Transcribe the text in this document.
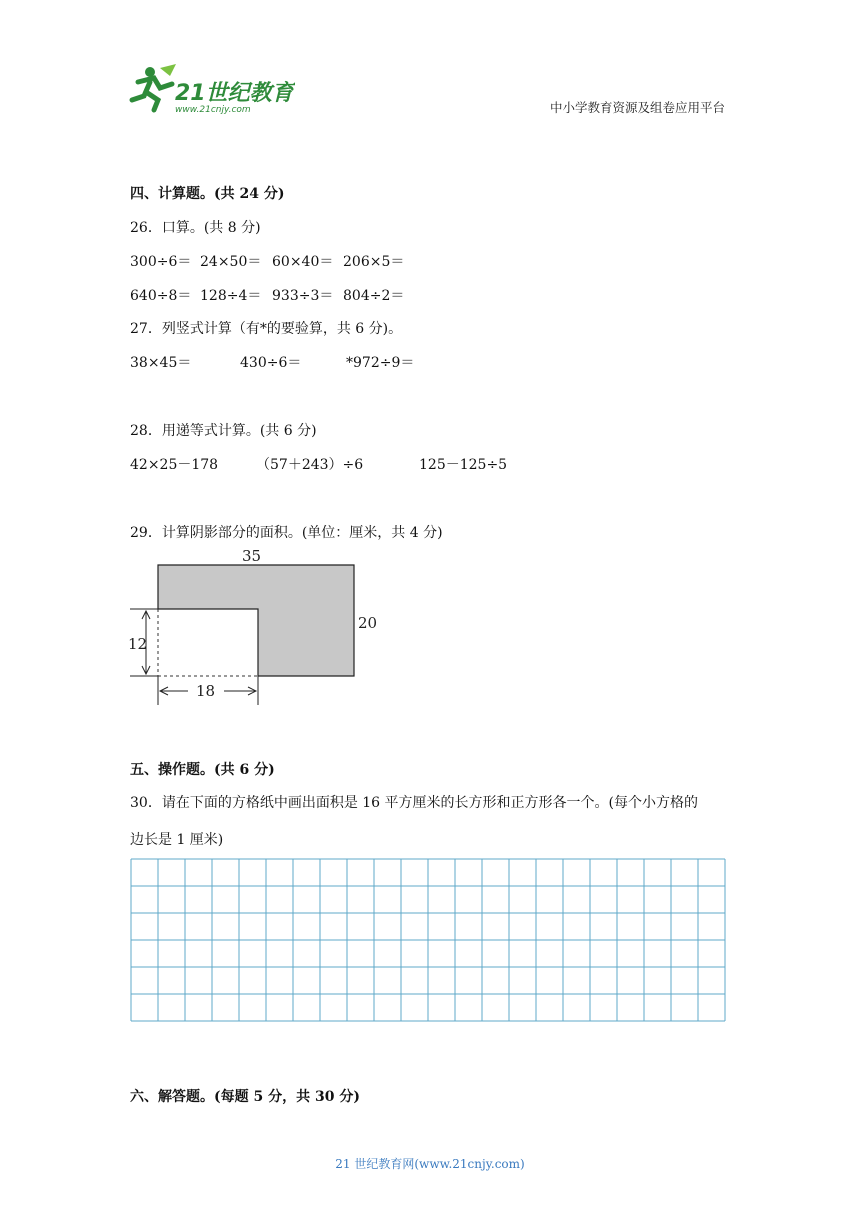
21世纪教育
www.21cnjy.com	中小学教育资源及组卷应用平台
四、计算题。(共 24 分)
26．口算。(共 8 分)
300÷6＝ 24×50＝ 60×40＝ 206×5＝
640÷8＝ 128÷4＝ 933÷3＝ 804÷2＝
27．列竖式计算（有*的要验算，共 6 分)。
38×45＝	430÷6＝	*972÷9＝
28．用递等式计算。(共 6 分)
42×25－178	（57＋243）÷6	125－125÷5
29．计算阴影部分的面积。(单位：厘米，共 4 分)
35
20
12
18
五、操作题。(共 6 分)
30．请在下面的方格纸中画出面积是 16 平方厘米的长方形和正方形各一个。(每个小方格的
边长是 1 厘米)
六、解答题。(每题 5 分，共 30 分)
21 世纪教育网(www.21cnjy.com)
